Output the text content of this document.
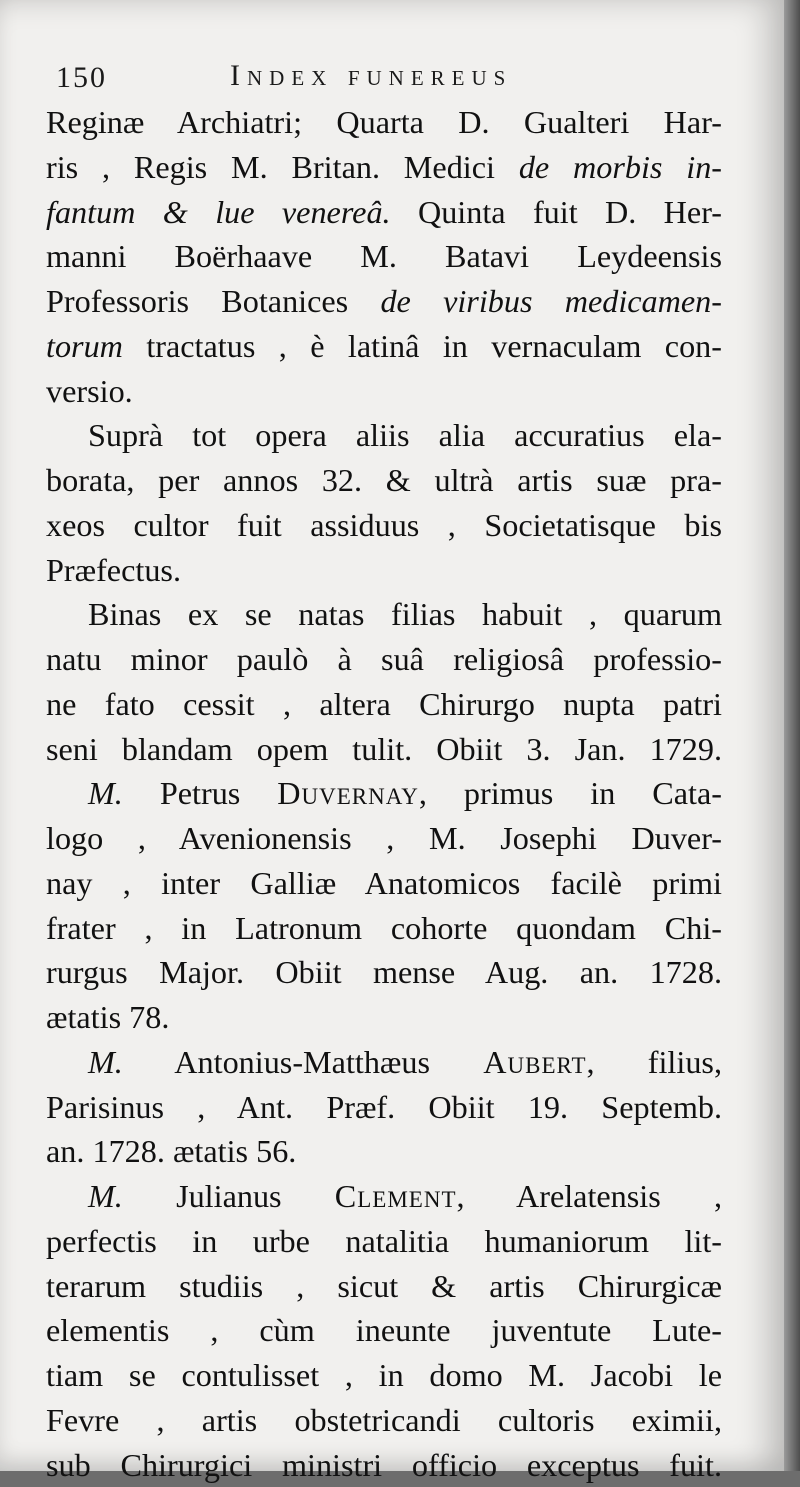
150	Index funereus
Reginæ Archiatri; Quarta D. Gualteri Har-
ris , Regis M. Britan. Medici de morbis in-
fantum & lue venereâ. Quinta fuit D. Her-
manni Boërhaave M. Batavi Leydeensis
Professoris Botanices de viribus medicamen-
torum tractatus , è latinâ in vernaculam con-
versio.
Suprà tot opera aliis alia accuratius ela-
borata, per annos 32. & ultrà artis suæ pra-
xeos cultor fuit assiduus , Societatisque bis
Præfectus.
Binas ex se natas filias habuit , quarum
natu minor paulò à suâ religiosâ professio-
ne fato cessit , altera Chirurgo nupta patri
seni blandam opem tulit. Obiit 3. Jan. 1729.
M. Petrus Duvernay, primus in Cata-
logo , Avenionensis , M. Josephi Duver-
nay , inter Galliæ Anatomicos facilè primi
frater , in Latronum cohorte quondam Chi-
rurgus Major. Obiit mense Aug. an. 1728.
ætatis 78.
M. Antonius-Matthæus Aubert, filius,
Parisinus , Ant. Præf. Obiit 19. Septemb.
an. 1728. ætatis 56.
M. Julianus Clement, Arelatensis ,
perfectis in urbe natalitia humaniorum lit-
terarum studiis , sicut & artis Chirurgicæ
elementis , cùm ineunte juventute Lute-
tiam se contulisset , in domo M. Jacobi le
Fevre , artis obstetricandi cultoris eximii,
sub Chirurgici ministri officio exceptus fuit.
